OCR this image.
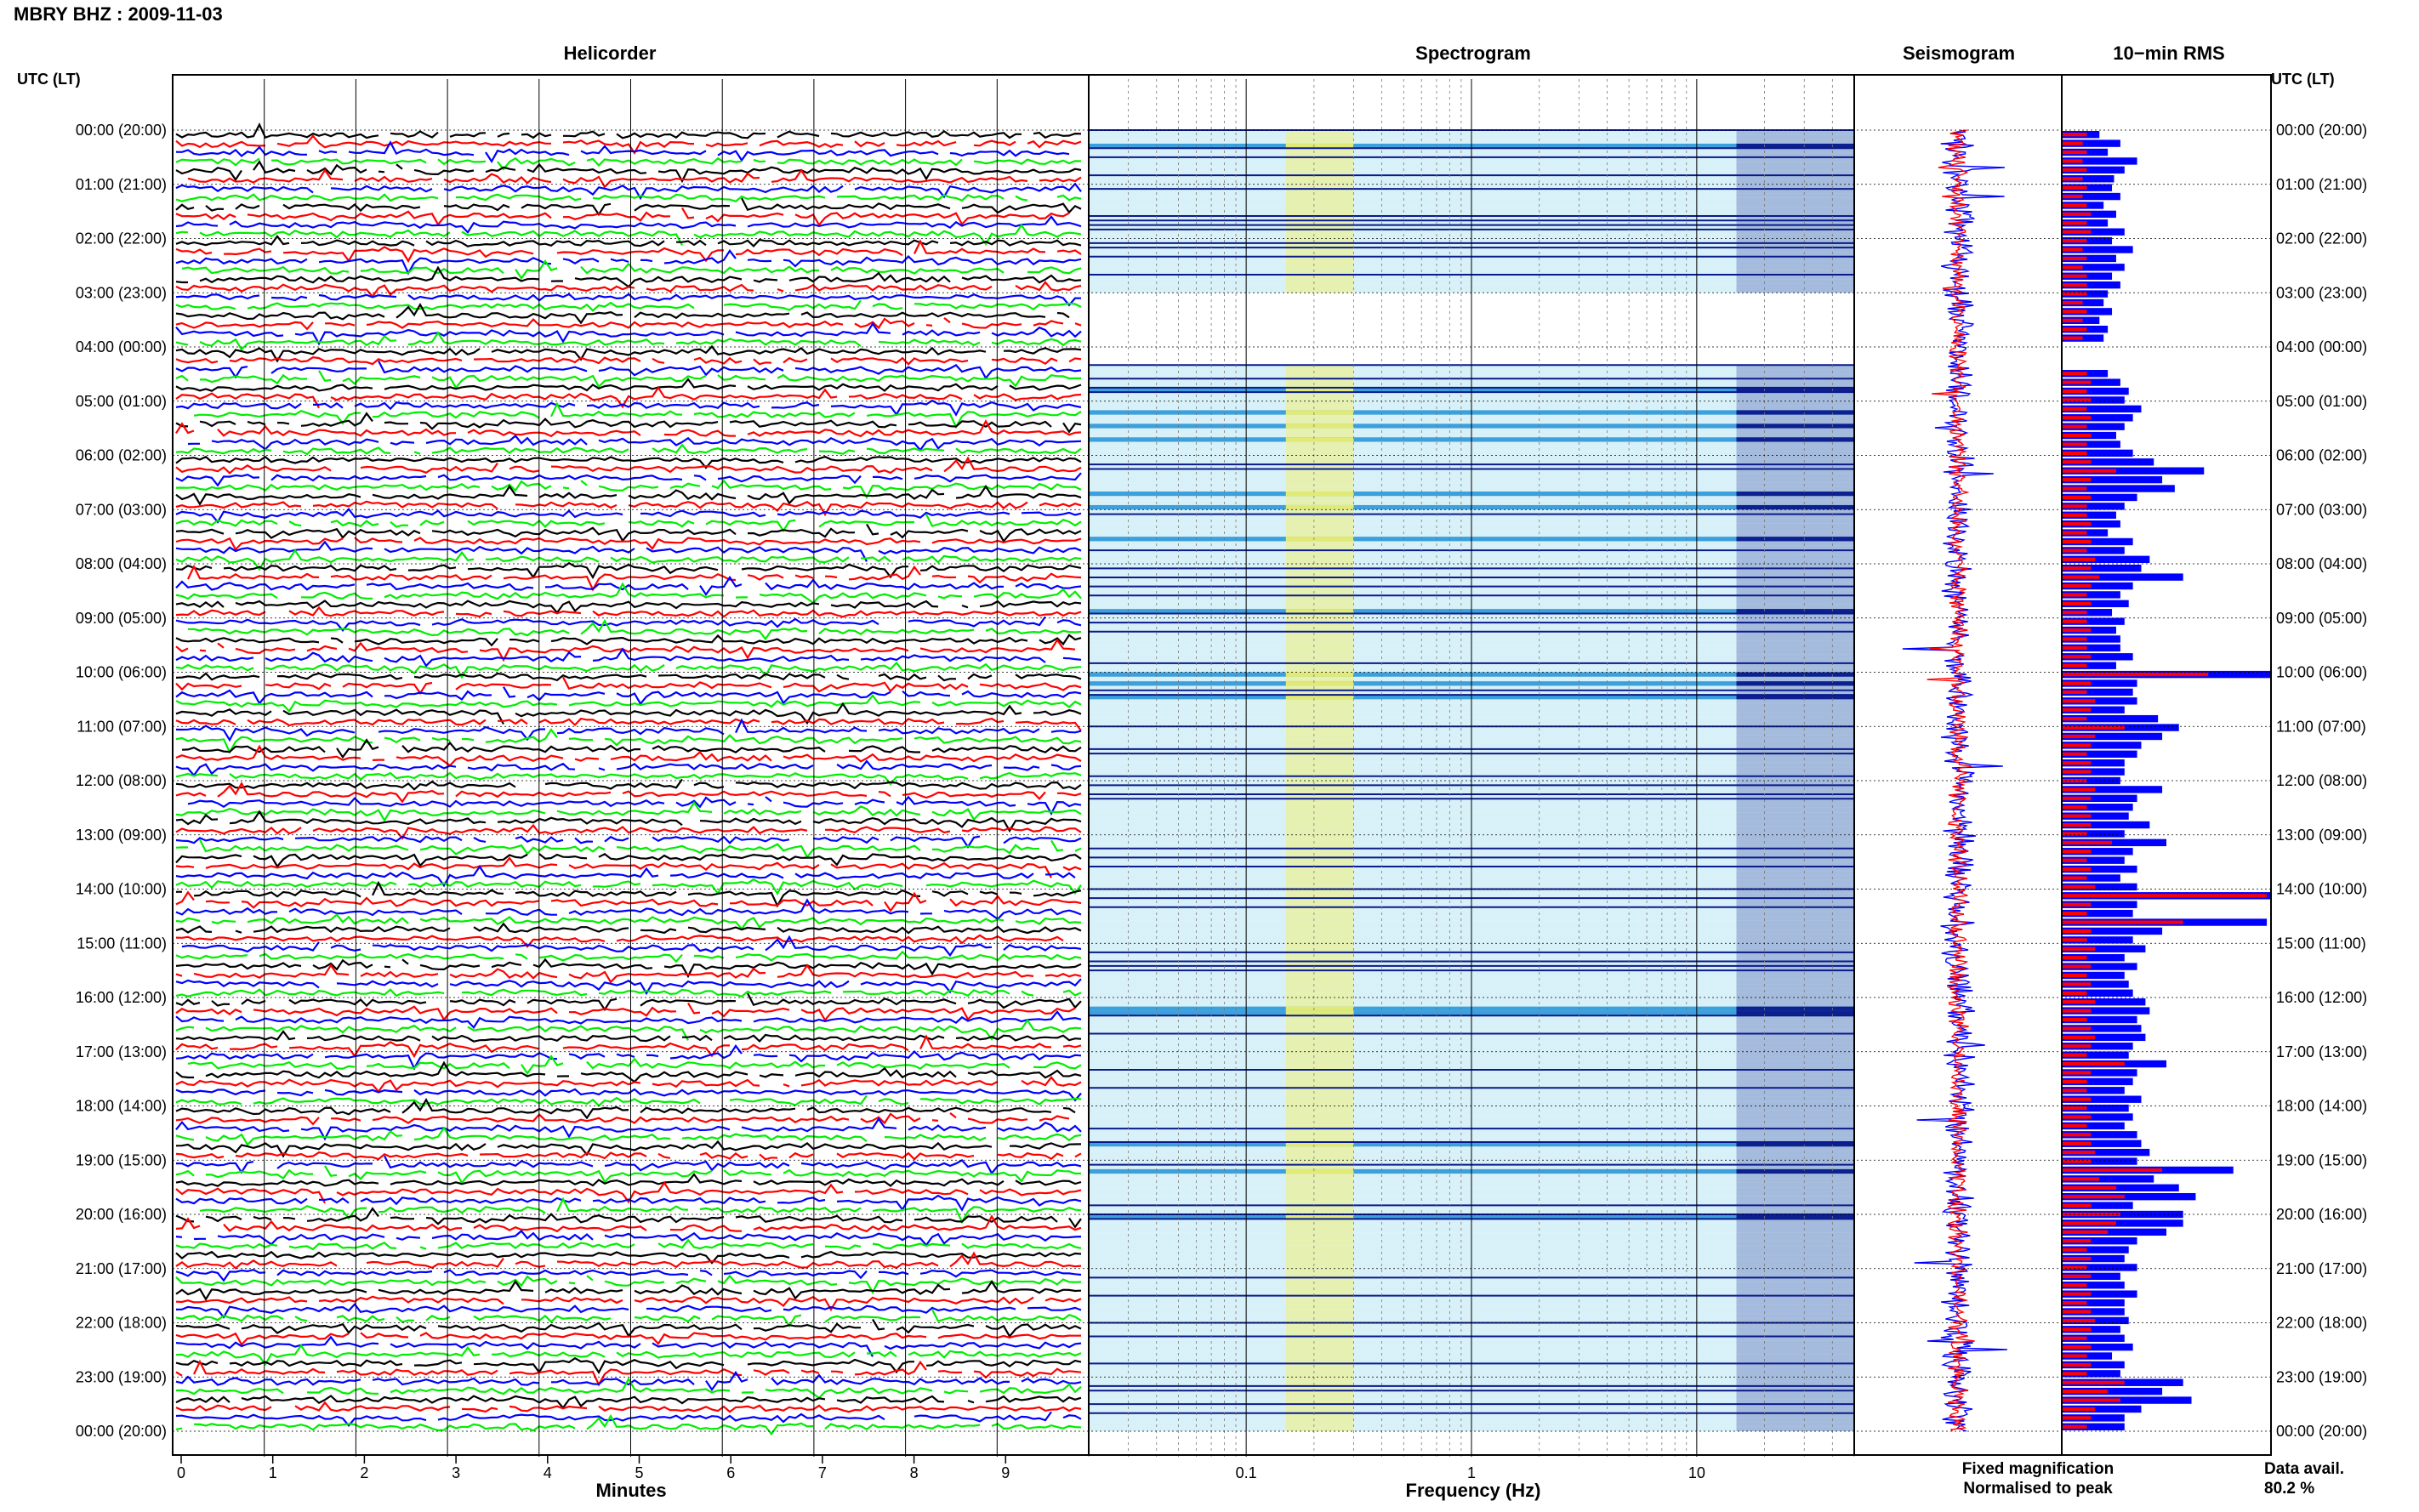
00:00 (20:00)
01:00 (21:00)
02:00 (22:00)
03:00 (23:00)
04:00 (00:00)
05:00 (01:00)
06:00 (02:00)
07:00 (03:00)
08:00 (04:00)
09:00 (05:00)
10:00 (06:00)
11:00 (07:00)
12:00 (08:00)
13:00 (09:00)
14:00 (10:00)
15:00 (11:00)
16:00 (12:00)
17:00 (13:00)
18:00 (14:00)
19:00 (15:00)
20:00 (16:00)
21:00 (17:00)
22:00 (18:00)
23:00 (19:00)
00:00 (20:00)
00:00 (20:00)
01:00 (21:00)
02:00 (22:00)
03:00 (23:00)
04:00 (00:00)
05:00 (01:00)
06:00 (02:00)
07:00 (03:00)
08:00 (04:00)
09:00 (05:00)
10:00 (06:00)
11:00 (07:00)
12:00 (08:00)
13:00 (09:00)
14:00 (10:00)
15:00 (11:00)
16:00 (12:00)
17:00 (13:00)
18:00 (14:00)
19:00 (15:00)
20:00 (16:00)
21:00 (17:00)
22:00 (18:00)
23:00 (19:00)
00:00 (20:00)
0	1	2	3	4	5	6	7	8	9	0.1	1	10
MBRY BHZ : 2009-11-03
UTC (LT)	UTC (LT)
Helicorder	Spectrogram	Seismogram	10−min RMS
Minutes	Frequency (Hz)
Fixed magnification
Normalised to peak
Data avail.
80.2 %
